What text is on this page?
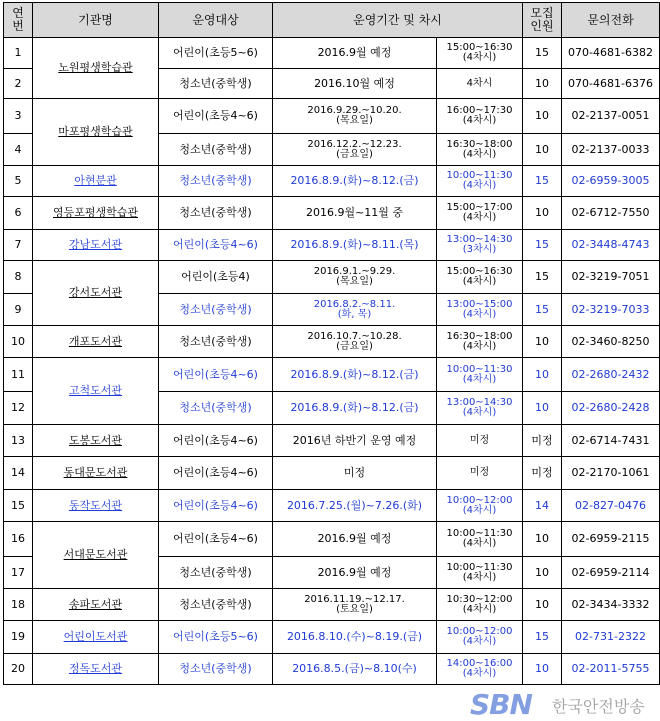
연
번	기관명	운영대상	운영기간 및 차시		모집
인원	문의전화
1	노원평생학습관	어린이(초등5~6)	2016.9월 예정	15:00~16:30
(4차시)	15	070-4681-6382
2		청소년(중학생)	2016.10월 예정	4차시	10	070-4681-6376
3	마포평생학습관	어린이(초등4~6)	2016.9.29.~10.20.
(목요일)	16:00~17:30
(4차시)	10	02-2137-0051
4		청소년(중학생)	2016.12.2.~12.23.
(금요일)	16:30~18:00
(4차시)	10	02-2137-0033
5	아현분관	청소년(중학생)	2016.8.9.(화)~8.12.(금)	10:00~11:30
(4차시)	15	02-6959-3005
6	영등포평생학습관	청소년(중학생)	2016.9월~11월 중	15:00~17:00
(4차시)	10	02-6712-7550
7	강남도서관	어린이(초등4~6)	2016.8.9.(화)~8.11.(목)	13:00~14:30
(3차시)	15	02-3448-4743
8	강서도서관	어린이(초등4)	2016.9.1.~9.29.
(목요일)	15:00~16:30
(4차시)	15	02-3219-7051
9		청소년(중학생)	2016.8.2.~8.11.
(화, 목)	13:00~15:00
(4차시)	15	02-3219-7033
10	개포도서관	청소년(중학생)	2016.10.7.~10.28.
(금요일)	16:30~18:00
(4차시)	10	02-3460-8250
11	고척도서관	어린이(초등4~6)	2016.8.9.(화)~8.12.(금)	10:00~11:30
(4차시)	10	02-2680-2432
12		청소년(중학생)	2016.8.9.(화)~8.12.(금)	13:00~14:30
(4차시)	10	02-2680-2428
13	도봉도서관	어린이(초등4~6)	2016년 하반기 운영 예정	미정	미정	02-6714-7431
14	동대문도서관	어린이(초등4~6)	미정	미정	미정	02-2170-1061
15	동작도서관	어린이(초등4~6)	2016.7.25.(월)~7.26.(화)	10:00~12:00
(4차시)	14	02-827-0476
16	서대문도서관	어린이(초등4~6)	2016.9월 예정	10:00~11:30
(4차시)	10	02-6959-2115
17		청소년(중학생)	2016.9월 예정	10:00~11:30
(4차시)	10	02-6959-2114
18	송파도서관	청소년(중학생)	2016.11.19.~12.17.
(토요일)	10:30~12:00
(4차시)	10	02-3434-3332
19	어린이도서관	어린이(초등5~6)	2016.8.10.(수)~8.19.(금)	10:00~12:00
(4차시)	15	02-731-2322
20	정독도서관	청소년(중학생)	2016.8.5.(금)~8.10(수)	14:00~16:00
(4차시)	10	02-2011-5755
SBN 한국안전방송
